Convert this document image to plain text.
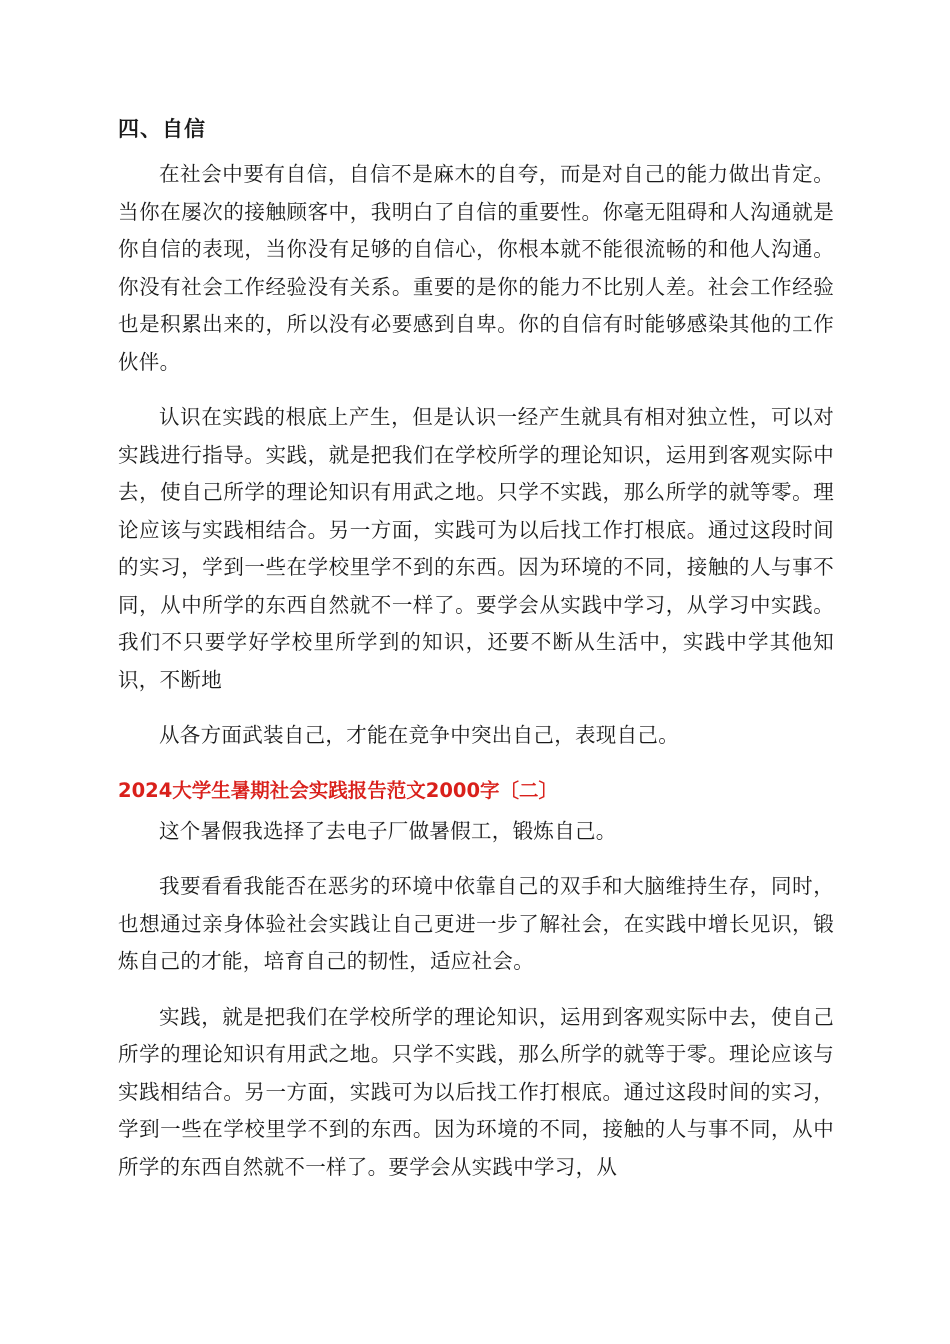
四、自信

在社会中要有自信，自信不是麻木的自夸，而是对自己的能力做出肯定。当你在屡次的接触顾客中，我明白了自信的重要性。你毫无阻碍和人沟通就是你自信的表现，当你没有足够的自信心，你根本就不能很流畅的和他人沟通。你没有社会工作经验没有关系。重要的是你的能力不比别人差。社会工作经验也是积累出来的，所以没有必要感到自卑。你的自信有时能够感染其他的工作伙伴。

认识在实践的根底上产生，但是认识一经产生就具有相对独立性，可以对实践进行指导。实践，就是把我们在学校所学的理论知识，运用到客观实际中去，使自己所学的理论知识有用武之地。只学不实践，那么所学的就等零。理论应该与实践相结合。另一方面，实践可为以后找工作打根底。通过这段时间的实习，学到一些在学校里学不到的东西。因为环境的不同，接触的人与事不同，从中所学的东西自然就不一样了。要学会从实践中学习，从学习中实践。我们不只要学好学校里所学到的知识，还要不断从生活中，实践中学其他知识，不断地

从各方面武装自己，才能在竞争中突出自己，表现自己。

2024大学生暑期社会实践报告范文2000字〔二〕

这个暑假我选择了去电子厂做暑假工，锻炼自己。

我要看看我能否在恶劣的环境中依靠自己的双手和大脑维持生存，同时，也想通过亲身体验社会实践让自己更进一步了解社会，在实践中增长见识，锻炼自己的才能，培育自己的韧性，适应社会。

实践，就是把我们在学校所学的理论知识，运用到客观实际中去，使自己所学的理论知识有用武之地。只学不实践，那么所学的就等于零。理论应该与实践相结合。另一方面，实践可为以后找工作打根底。通过这段时间的实习，学到一些在学校里学不到的东西。因为环境的不同，接触的人与事不同，从中所学的东西自然就不一样了。要学会从实践中学习，从
